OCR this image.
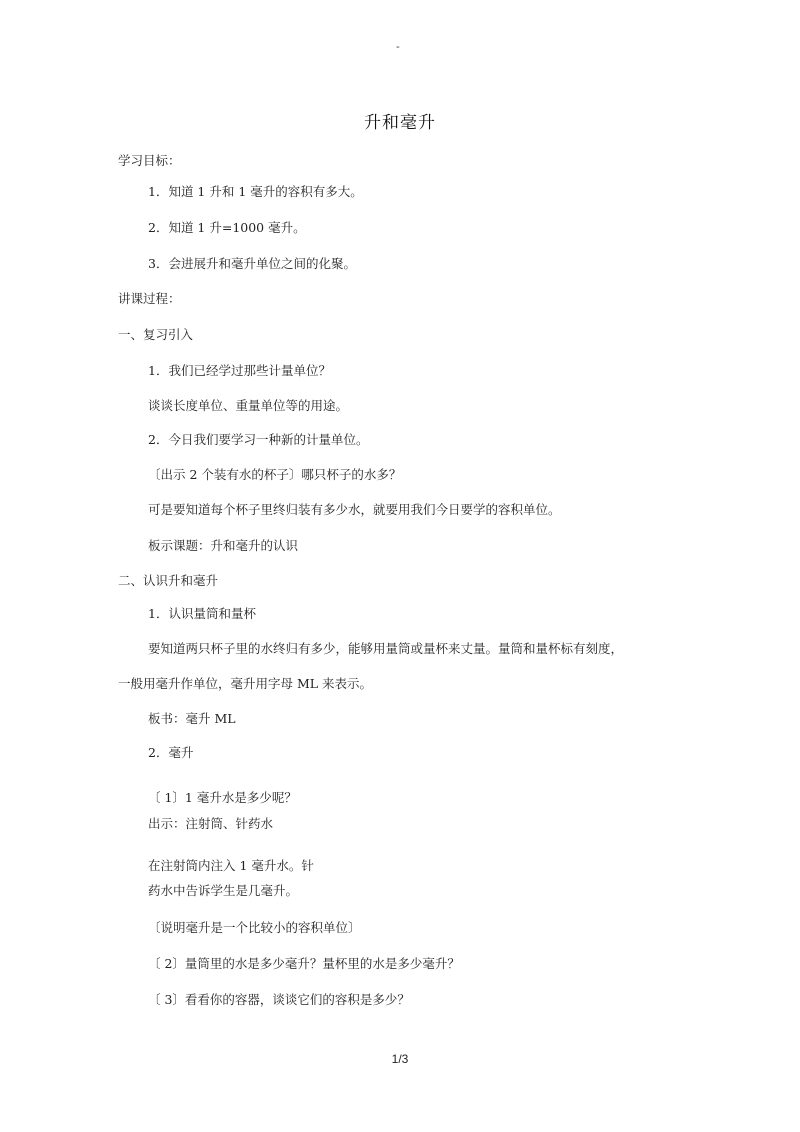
-
升和毫升
学习目标：
1．知道 1 升和 1 毫升的容积有多大。
2．知道 1 升=1000 毫升。
3．会进展升和毫升单位之间的化聚。
讲课过程：
一、复习引入
1．我们已经学过那些计量单位？
谈谈长度单位、重量单位等的用途。
2．今日我们要学习一种新的计量单位。
〔出示 2 个装有水的杯子〕哪只杯子的水多？
可是要知道每个杯子里终归装有多少水，就要用我们今日要学的容积单位。
板示课题：升和毫升的认识
二、认识升和毫升
1．认识量筒和量杯
要知道两只杯子里的水终归有多少，能够用量筒或量杯来丈量。量筒和量杯标有刻度，
一般用毫升作单位，毫升用字母 ML 来表示。
板书：毫升 ML
2．毫升
〔 1〕1 毫升水是多少呢？
出示：注射筒、针药水
在注射筒内注入 1 毫升水。针
药水中告诉学生是几毫升。
〔说明毫升是一个比较小的容积单位〕
〔 2〕量筒里的水是多少毫升？量杯里的水是多少毫升？
〔 3〕看看你的容器，谈谈它们的容积是多少？
1/3
